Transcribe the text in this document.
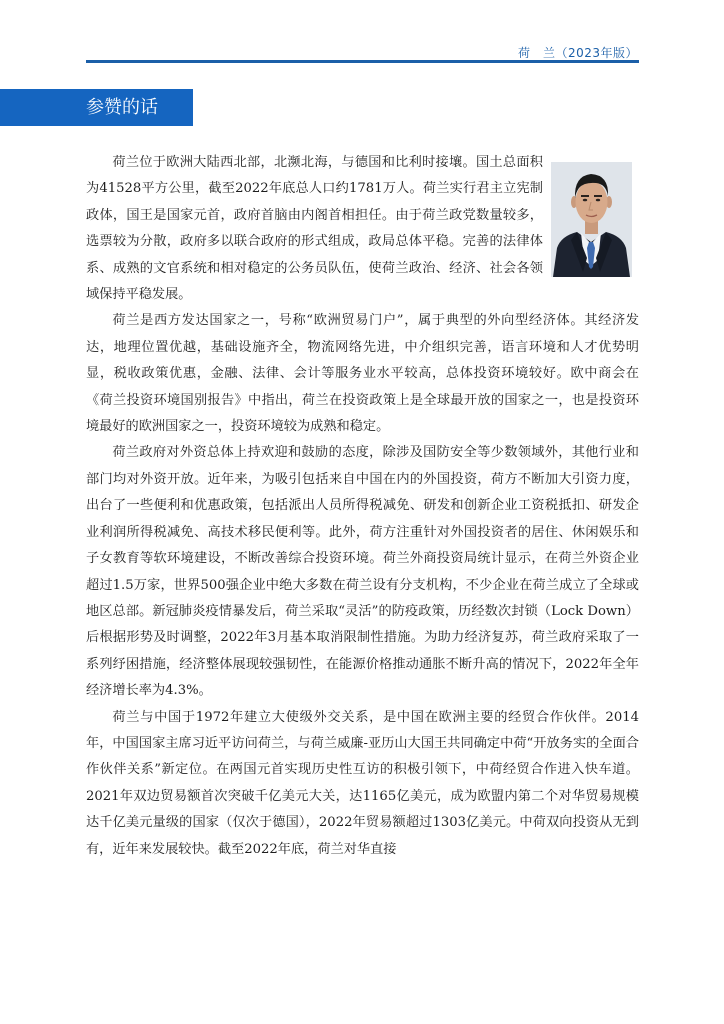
荷　兰（2023年版）
参赞的话

荷兰位于欧洲大陆西北部，北濒北海，与德国和比利时接壤。国土总面积为41528平方公里，截至2022年底总人口约1781万人。荷兰实行君主立宪制政体，国王是国家元首，政府首脑由内阁首相担任。由于荷兰政党数量较多，选票较为分散，政府多以联合政府的形式组成，政局总体平稳。完善的法律体系、成熟的文官系统和相对稳定的公务员队伍，使荷兰政治、经济、社会各领域保持平稳发展。

荷兰是西方发达国家之一，号称“欧洲贸易门户”，属于典型的外向型经济体。其经济发达，地理位置优越，基础设施齐全，物流网络先进，中介组织完善，语言环境和人才优势明显，税收政策优惠，金融、法律、会计等服务业水平较高，总体投资环境较好。欧中商会在《荷兰投资环境国别报告》中指出，荷兰在投资政策上是全球最开放的国家之一，也是投资环境最好的欧洲国家之一，投资环境较为成熟和稳定。

荷兰政府对外资总体上持欢迎和鼓励的态度，除涉及国防安全等少数领域外，其他行业和部门均对外资开放。近年来，为吸引包括来自中国在内的外国投资，荷方不断加大引资力度，出台了一些便利和优惠政策，包括派出人员所得税减免、研发和创新企业工资税抵扣、研发企业利润所得税减免、高技术移民便利等。此外，荷方注重针对外国投资者的居住、休闲娱乐和子女教育等软环境建设，不断改善综合投资环境。荷兰外商投资局统计显示，在荷兰外资企业超过1.5万家，世界500强企业中绝大多数在荷兰设有分支机构，不少企业在荷兰成立了全球或地区总部。新冠肺炎疫情暴发后，荷兰采取“灵活”的防疫政策，历经数次封锁（Lock Down）后根据形势及时调整，2022年3月基本取消限制性措施。为助力经济复苏，荷兰政府采取了一系列纾困措施，经济整体展现较强韧性，在能源价格推动通胀不断升高的情况下，2022年全年经济增长率为4.3%。

荷兰与中国于1972年建立大使级外交关系，是中国在欧洲主要的经贸合作伙伴。2014年，中国国家主席习近平访问荷兰，与荷兰威廉-亚历山大国王共同确定中荷“开放务实的全面合作伙伴关系”新定位。在两国元首实现历史性互访的积极引领下，中荷经贸合作进入快车道。2021年双边贸易额首次突破千亿美元大关，达1165亿美元，成为欧盟内第二个对华贸易规模达千亿美元量级的国家（仅次于德国），2022年贸易额超过1303亿美元。中荷双向投资从无到有，近年来发展较快。截至2022年底，荷兰对华直接
